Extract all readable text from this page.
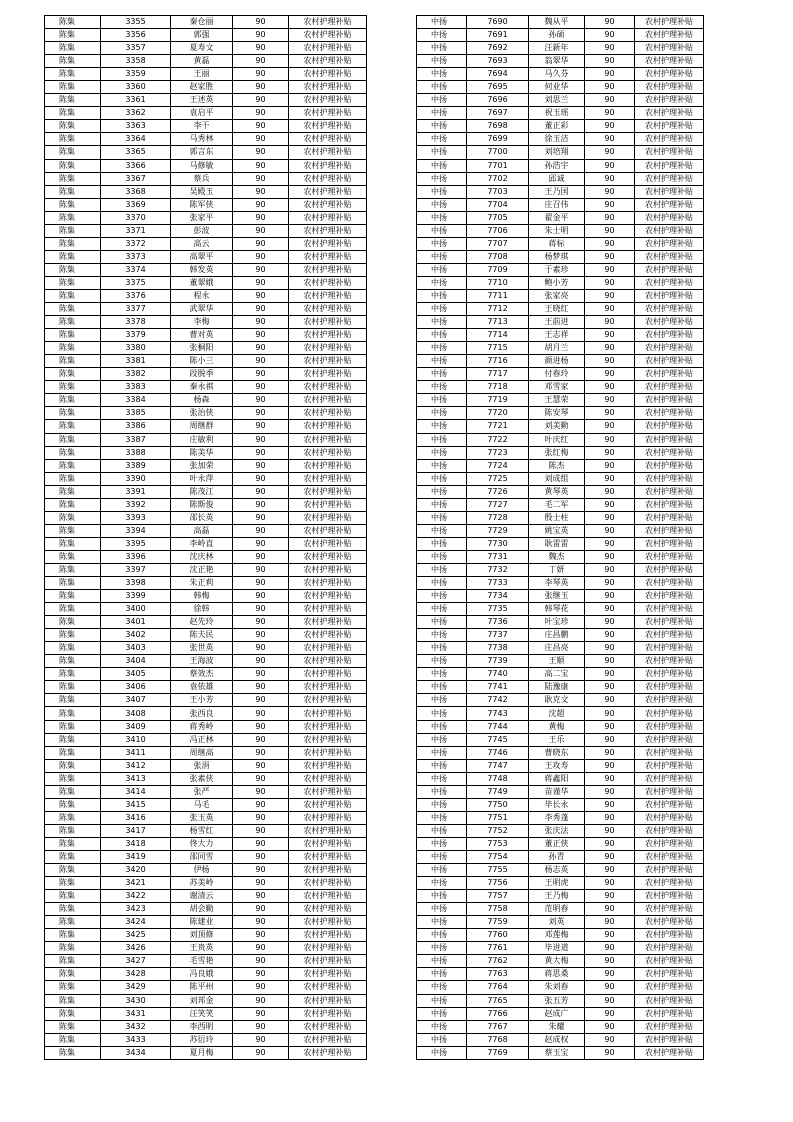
陈集	3355	秦仓丽	90	农村护理补贴
陈集	3356	郭强	90	农村护理补贴
陈集	3357	夏寿文	90	农村护理补贴
陈集	3358	黄磊	90	农村护理补贴
陈集	3359	王丽	90	农村护理补贴
陈集	3360	赵家胜	90	农村护理补贴
陈集	3361	王述英	90	农村护理补贴
陈集	3362	袁启平	90	农村护理补贴
陈集	3363	李干	90	农村护理补贴
陈集	3364	马秀林	90	农村护理补贴
陈集	3365	郭言东	90	农村护理补贴
陈集	3366	马修敏	90	农村护理补贴
陈集	3367	蔡兵	90	农村护理补贴
陈集	3368	吴殿玉	90	农村护理补贴
陈集	3369	陈军侠	90	农村护理补贴
陈集	3370	张家平	90	农村护理补贴
陈集	3371	彭波	90	农村护理补贴
陈集	3372	高云	90	农村护理补贴
陈集	3373	高翠平	90	农村护理补贴
陈集	3374	韩发英	90	农村护理补贴
陈集	3375	董翠娥	90	农村护理补贴
陈集	3376	程永	90	农村护理补贴
陈集	3377	武翠华	90	农村护理补贴
陈集	3378	李梅	90	农村护理补贴
陈集	3379	曹对英	90	农村护理补贴
陈集	3380	张桐阳	90	农村护理补贴
陈集	3381	陈小三	90	农村护理补贴
陈集	3382	段脱季	90	农村护理补贴
陈集	3383	秦永祺	90	农村护理补贴
陈集	3384	杨森	90	农村护理补贴
陈集	3385	张治侠	90	农村护理补贴
陈集	3386	周继群	90	农村护理补贴
陈集	3387	庄敏利	90	农村护理补贴
陈集	3388	陈美华	90	农村护理补贴
陈集	3389	张加荣	90	农村护理补贴
陈集	3390	叶永萍	90	农村护理补贴
陈集	3391	陈茂江	90	农村护理补贴
陈集	3392	陈斯俊	90	农村护理补贴
陈集	3393	邵长英	90	农村护理补贴
陈集	3394	高磊	90	农村护理补贴
陈集	3395	李岭直	90	农村护理补贴
陈集	3396	沈庆林	90	农村护理补贴
陈集	3397	沈正艳	90	农村护理补贴
陈集	3398	朱正莉	90	农村护理补贴
陈集	3399	韩梅	90	农村护理补贴
陈集	3400	徐韩	90	农村护理补贴
陈集	3401	赵先玲	90	农村护理补贴
陈集	3402	陈夫民	90	农村护理补贴
陈集	3403	张世英	90	农村护理补贴
陈集	3404	王海波	90	农村护理补贴
陈集	3405	蔡效杰	90	农村护理补贴
陈集	3406	袁依雄	90	农村护理补贴
陈集	3407	王小芳	90	农村护理补贴
陈集	3408	张西良	90	农村护理补贴
陈集	3409	蒋秀岭	90	农村护理补贴
陈集	3410	冯正林	90	农村护理补贴
陈集	3411	周继高	90	农村护理补贴
陈集	3412	张涓	90	农村护理补贴
陈集	3413	张素侠	90	农村护理补贴
陈集	3414	张严	90	农村护理补贴
陈集	3415	马毛	90	农村护理补贴
陈集	3416	张玉英	90	农村护理补贴
陈集	3417	杨雪红	90	农村护理补贴
陈集	3418	佟大力	90	农村护理补贴
陈集	3419	邵同雪	90	农村护理补贴
陈集	3420	伊杨	90	农村护理补贴
陈集	3421	苏美岭	90	农村护理补贴
陈集	3422	谢清云	90	农村护理补贴
陈集	3423	胡会勤	90	农村护理补贴
陈集	3424	陈建业	90	农村护理补贴
陈集	3425	刘顶修	90	农村护理补贴
陈集	3426	王贵英	90	农村护理补贴
陈集	3427	毛雪艳	90	农村护理补贴
陈集	3428	冯良娥	90	农村护理补贴
陈集	3429	陈平州	90	农村护理补贴
陈集	3430	刘邦金	90	农村护理补贴
陈集	3431	汪笑笑	90	农村护理补贴
陈集	3432	李西明	90	农村护理补贴
陈集	3433	苏衍玲	90	农村护理补贴
陈集	3434	夏月梅	90	农村护理补贴
中扬	7690	魏从平	90	农村护理补贴
中扬	7691	孙硕	90	农村护理补贴
中扬	7692	汪新年	90	农村护理补贴
中扬	7693	翁翠华	90	农村护理补贴
中扬	7694	马久芬	90	农村护理补贴
中扬	7695	何业华	90	农村护理补贴
中扬	7696	刘思兰	90	农村护理补贴
中扬	7697	祝玉瑶	90	农村护理补贴
中扬	7698	董正彩	90	农村护理补贴
中扬	7699	徐玉洁	90	农村护理补贴
中扬	7700	刘培翔	90	农村护理补贴
中扬	7701	孙浩宇	90	农村护理补贴
中扬	7702	邱诚	90	农村护理补贴
中扬	7703	王乃国	90	农村护理补贴
中扬	7704	庄召伟	90	农村护理补贴
中扬	7705	翟金平	90	农村护理补贴
中扬	7706	朱士明	90	农村护理补贴
中扬	7707	蒋标	90	农村护理补贴
中扬	7708	杨梦琪	90	农村护理补贴
中扬	7709	于素珍	90	农村护理补贴
中扬	7710	鲍小芳	90	农村护理补贴
中扬	7711	张家亮	90	农村护理补贴
中扬	7712	王晓红	90	农村护理补贴
中扬	7713	王前进	90	农村护理补贴
中扬	7714	王志祥	90	农村护理补贴
中扬	7715	胡月兰	90	农村护理补贴
中扬	7716	颜进杨	90	农村护理补贴
中扬	7717	付春玲	90	农村护理补贴
中扬	7718	邓雪家	90	农村护理补贴
中扬	7719	王慧荣	90	农村护理补贴
中扬	7720	陈安琴	90	农村护理补贴
中扬	7721	刘美勤	90	农村护理补贴
中扬	7722	叶庆红	90	农村护理补贴
中扬	7723	张红梅	90	农村护理补贴
中扬	7724	陈杰	90	农村护理补贴
中扬	7725	刘成组	90	农村护理补贴
中扬	7726	黄琴英	90	农村护理补贴
中扬	7727	毛二军	90	农村护理补贴
中扬	7728	殷士柱	90	农村护理补贴
中扬	7729	姚宝英	90	农村护理补贴
中扬	7730	耿雷雷	90	农村护理补贴
中扬	7731	魏杰	90	农村护理补贴
中扬	7732	丁妍	90	农村护理补贴
中扬	7733	李琴英	90	农村护理补贴
中扬	7734	张继玉	90	农村护理补贴
中扬	7735	韩琴花	90	农村护理补贴
中扬	7736	叶宝珍	90	农村护理补贴
中扬	7737	庄昌鹏	90	农村护理补贴
中扬	7738	庄昌亮	90	农村护理补贴
中扬	7739	王顺	90	农村护理补贴
中扬	7740	高二宝	90	农村护理补贴
中扬	7741	陆豫康	90	农村护理补贴
中扬	7742	耿克文	90	农村护理补贴
中扬	7743	沈超	90	农村护理补贴
中扬	7744	黄梅	90	农村护理补贴
中扬	7745	王乐	90	农村护理补贴
中扬	7746	曹晓东	90	农村护理补贴
中扬	7747	王攻寿	90	农村护理补贴
中扬	7748	蒋鑫阳	90	农村护理补贴
中扬	7749	苗谨华	90	农村护理补贴
中扬	7750	毕长永	90	农村护理补贴
中扬	7751	李秀蓬	90	农村护理补贴
中扬	7752	张庆法	90	农村护理补贴
中扬	7753	董正侠	90	农村护理补贴
中扬	7754	孙青	90	农村护理补贴
中扬	7755	杨志英	90	农村护理补贴
中扬	7756	王明虎	90	农村护理补贴
中扬	7757	王乃梅	90	农村护理补贴
中扬	7758	范明春	90	农村护理补贴
中扬	7759	刘英	90	农村护理补贴
中扬	7760	邓莲梅	90	农村护理补贴
中扬	7761	毕进道	90	农村护理补贴
中扬	7762	黄大梅	90	农村护理补贴
中扬	7763	蒋思桑	90	农村护理补贴
中扬	7764	朱刘春	90	农村护理补贴
中扬	7765	张五芳	90	农村护理补贴
中扬	7766	赵成广	90	农村护理补贴
中扬	7767	朱耀	90	农村护理补贴
中扬	7768	赵成权	90	农村护理补贴
中扬	7769	蔡玉宝	90	农村护理补贴
